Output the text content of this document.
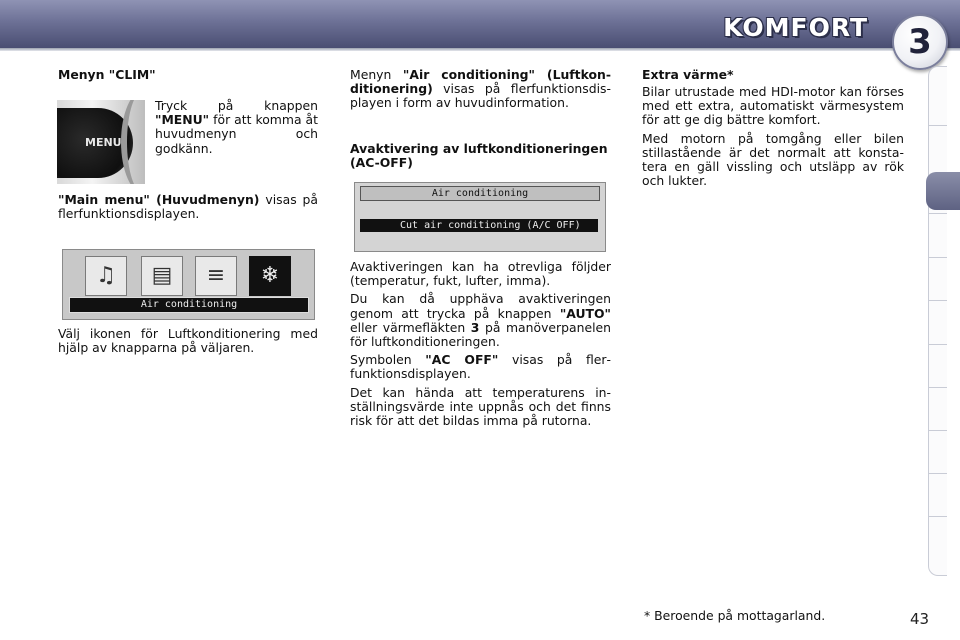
KOMFORT	3
Menyn "CLIM"
MENU
Tryck på knappen "MENU" för att komma åt huvudmenyn och godkänn.
"Main menu" (Huvudmenyn) visas på flerfunktionsdisplayen.
♫	▤	≡	❄
Air conditioning
Välj ikonen för Luftkonditionering med hjälp av knapparna på väljaren.
Menyn "Air conditioning" (Luftkonditionering) visas på flerfunktionsdisplayen i form av huvudinformation.
Avaktivering av luftkonditioneringen (AC-OFF)
Air conditioning
Cut air conditioning (A/C OFF)

Avaktiveringen kan ha otrevliga följder (temperatur, fukt, lufter, imma).

Du kan då upphäva avaktiveringen genom att trycka på knappen "AUTO" eller värmefläkten 3 på manöverpanelen för luftkonditioneringen.

Symbolen "AC OFF" visas på flerfunktionsdisplayen.

Det kan hända att temperaturens inställningsvärde inte uppnås och det finns risk för att det bildas imma på rutorna.

Extra värme*

Bilar utrustade med HDI-motor kan förses med ett extra, automatiskt värmesystem för att ge dig bättre komfort.

Med motorn på tomgång eller bilen stillastående är det normalt att konstatera en gäll vissling och utsläpp av rök och lukter.

* Beroende på mottagarland.	43
